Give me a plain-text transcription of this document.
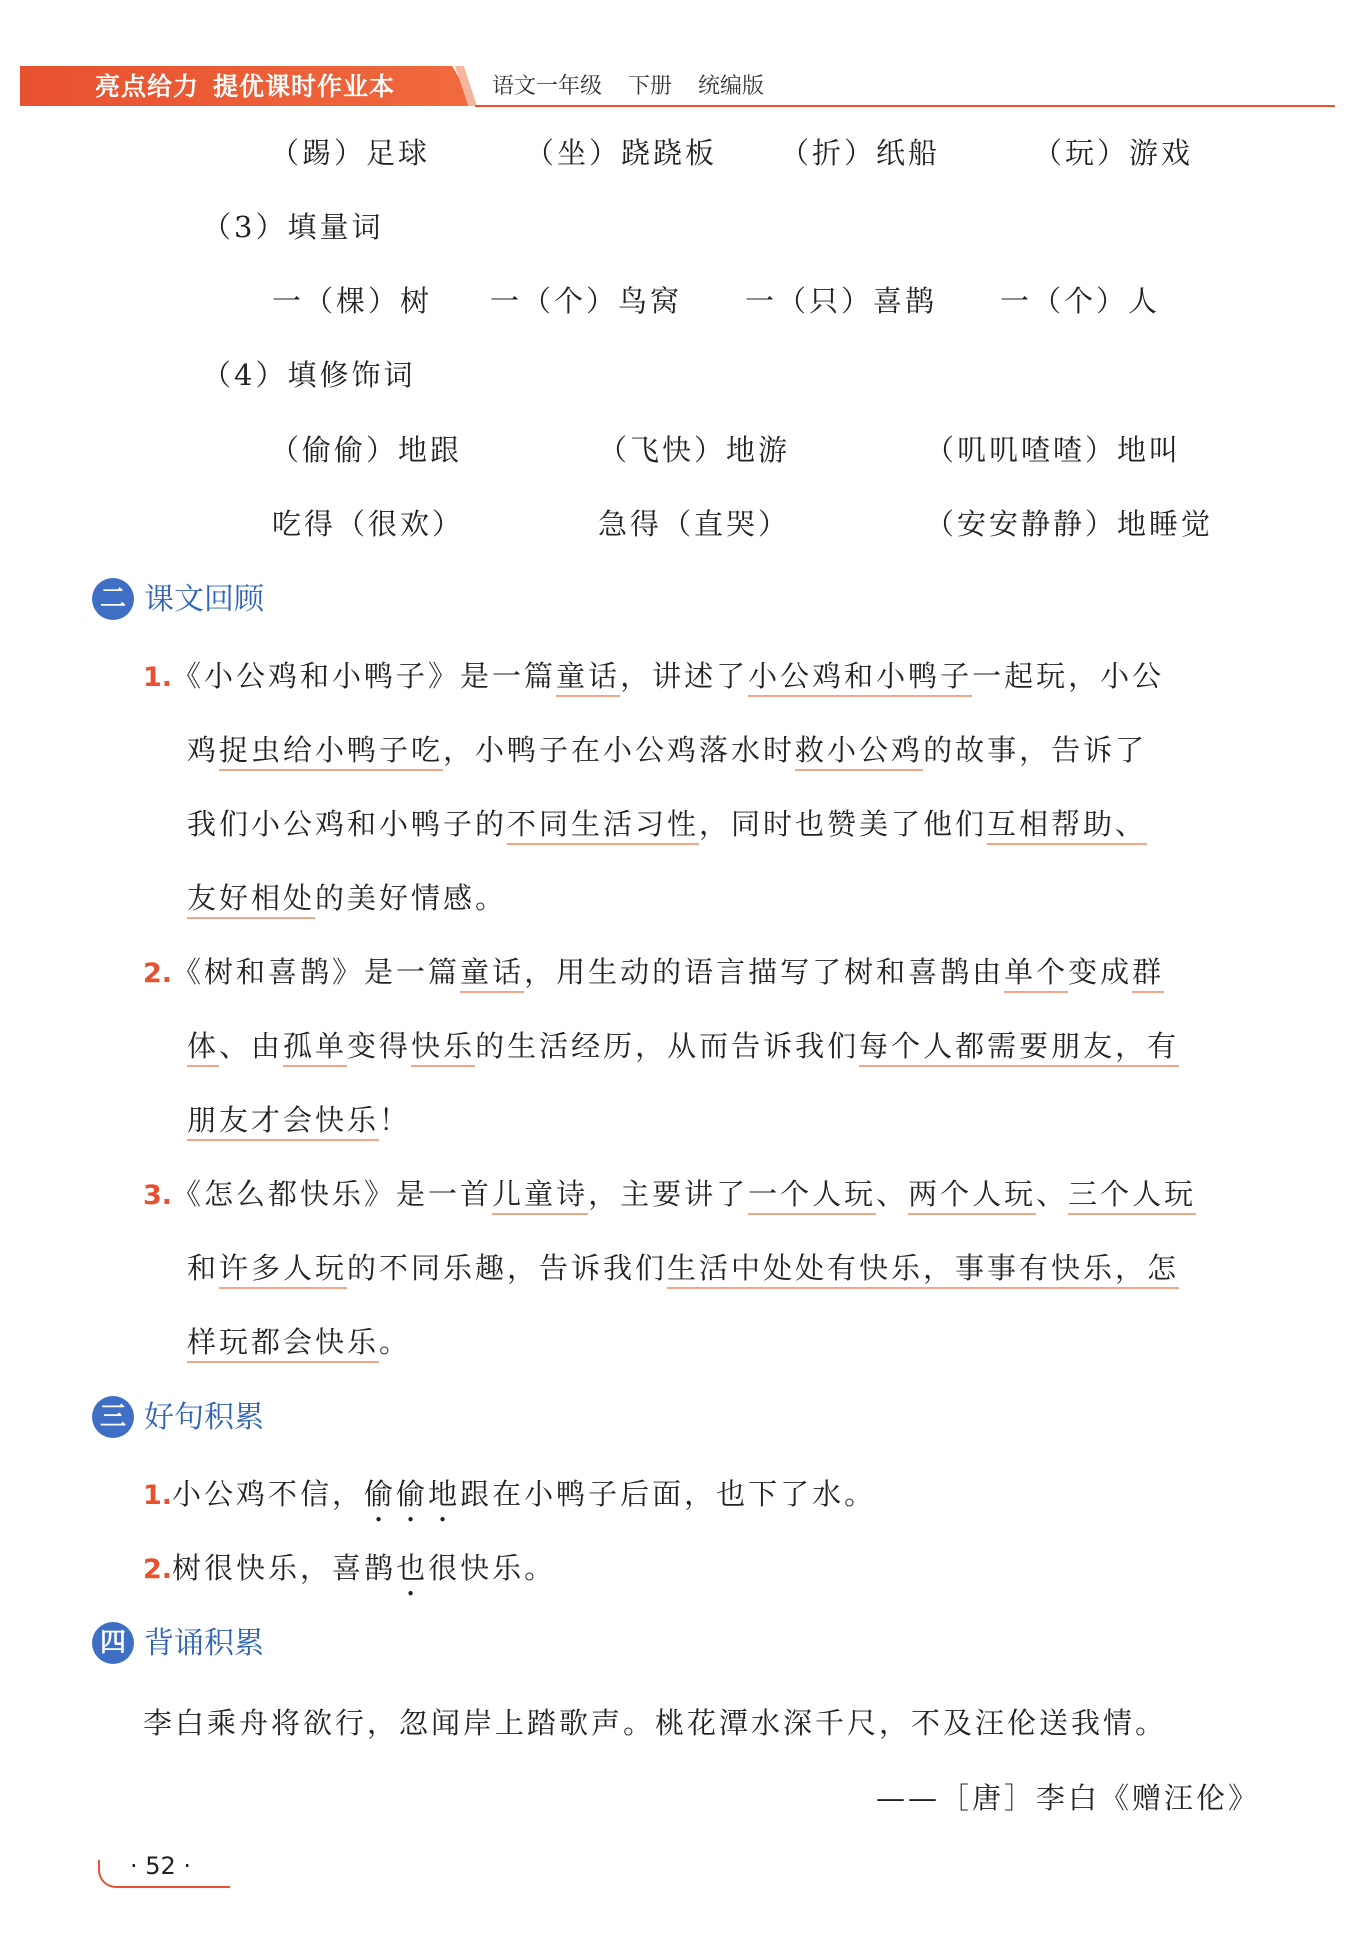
亮点给力 提优课时作业本	语文一年级 下册 统编版
（踢）足球	（坐）跷跷板 （折）纸船	（玩）游戏
（3）填量词
一（棵）树 一（个）鸟窝 一（只）喜鹊 一（个）人
（4）填修饰词
（偷偷）地跟	（飞快）地游	（叽叽喳喳）地叫
吃得（很欢）	急得（直哭）	（安安静静）地睡觉
二 课文回顾
1.《小公鸡和小鸭子》是一篇童话，讲述了小公鸡和小鸭子一起玩，小公
鸡捉虫给小鸭子吃，小鸭子在小公鸡落水时救小公鸡的故事，告诉了
我们小公鸡和小鸭子的不同生活习性，同时也赞美了他们互相帮助、
友好相处的美好情感。
2.《树和喜鹊》是一篇童话，用生动的语言描写了树和喜鹊由单个变成群
体、由孤单变得快乐的生活经历，从而告诉我们每个人都需要朋友，有
朋友才会快乐！
3.《怎么都快乐》是一首儿童诗，主要讲了一个人玩、两个人玩、三个人玩
和许多人玩的不同乐趣，告诉我们生活中处处有快乐，事事有快乐，怎
样玩都会快乐。
三 好句积累
1.小公鸡不信，偷偷地跟在小鸭子后面，也下了水。
2.树很快乐，喜鹊也很快乐。
四 背诵积累
李白乘舟将欲行，忽闻岸上踏歌声。桃花潭水深千尺，不及汪伦送我情。
——［唐］李白《赠汪伦》
· 52 ·
